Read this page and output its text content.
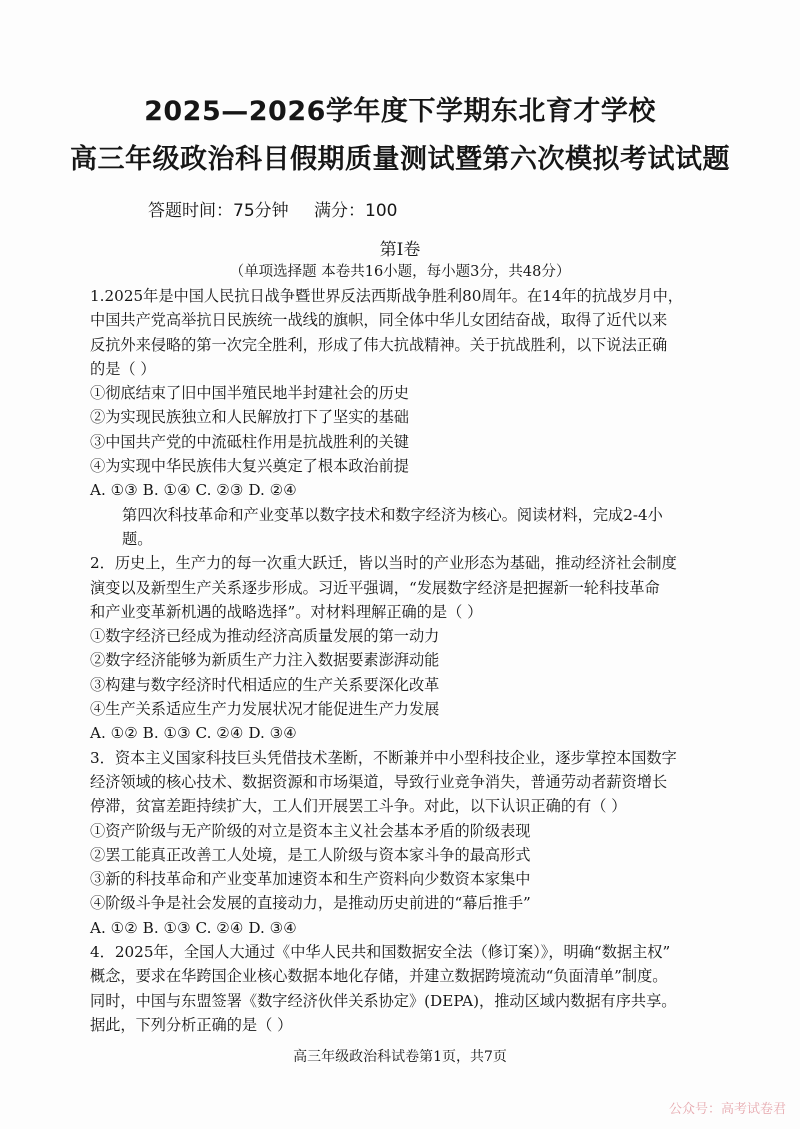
2025—2026学年度下学期东北育才学校
高三年级政治科目假期质量测试暨第六次模拟考试试题
答题时间：75分钟 满分：100
第Ⅰ卷
（单项选择题 本卷共16小题，每小题3分，共48分）

1.2025年是中国人民抗日战争暨世界反法西斯战争胜利80周年。在14年的抗战岁月中，

中国共产党高举抗日民族统一战线的旗帜，同全体中华儿女团结奋战，取得了近代以来

反抗外来侵略的第一次完全胜利，形成了伟大抗战精神。关于抗战胜利，以下说法正确

的是（ ）

①彻底结束了旧中国半殖民地半封建社会的历史

②为实现民族独立和人民解放打下了坚实的基础

③中国共产党的中流砥柱作用是抗战胜利的关键

④为实现中华民族伟大复兴奠定了根本政治前提

A. ①③ B. ①④ C. ②③ D. ②④

第四次科技革命和产业变革以数字技术和数字经济为核心。阅读材料，完成2-4小

题。

2．历史上，生产力的每一次重大跃迁，皆以当时的产业形态为基础，推动经济社会制度

演变以及新型生产关系逐步形成。习近平强调，“发展数字经济是把握新一轮科技革命

和产业变革新机遇的战略选择”。对材料理解正确的是（ ）

①数字经济已经成为推动经济高质量发展的第一动力

②数字经济能够为新质生产力注入数据要素澎湃动能

③构建与数字经济时代相适应的生产关系要深化改革

④生产关系适应生产力发展状况才能促进生产力发展

A. ①② B. ①③ C. ②④ D. ③④

3．资本主义国家科技巨头凭借技术垄断，不断兼并中小型科技企业，逐步掌控本国数字

经济领域的核心技术、数据资源和市场渠道，导致行业竞争消失，普通劳动者薪资增长

停滞，贫富差距持续扩大，工人们开展罢工斗争。对此，以下认识正确的有（ ）

①资产阶级与无产阶级的对立是资本主义社会基本矛盾的阶级表现

②罢工能真正改善工人处境，是工人阶级与资本家斗争的最高形式

③新的科技革命和产业变革加速资本和生产资料向少数资本家集中

④阶级斗争是社会发展的直接动力，是推动历史前进的“幕后推手”

A. ①② B. ①③ C. ②④ D. ③④

4．2025年，全国人大通过《中华人民共和国数据安全法（修订案）》，明确“数据主权”

概念，要求在华跨国企业核心数据本地化存储，并建立数据跨境流动“负面清单”制度。

同时，中国与东盟签署《数字经济伙伴关系协定》(DEPA)，推动区域内数据有序共享。

据此，下列分析正确的是（ ）

高三年级政治科试卷第1页，共7页
公众号：高考试卷君
